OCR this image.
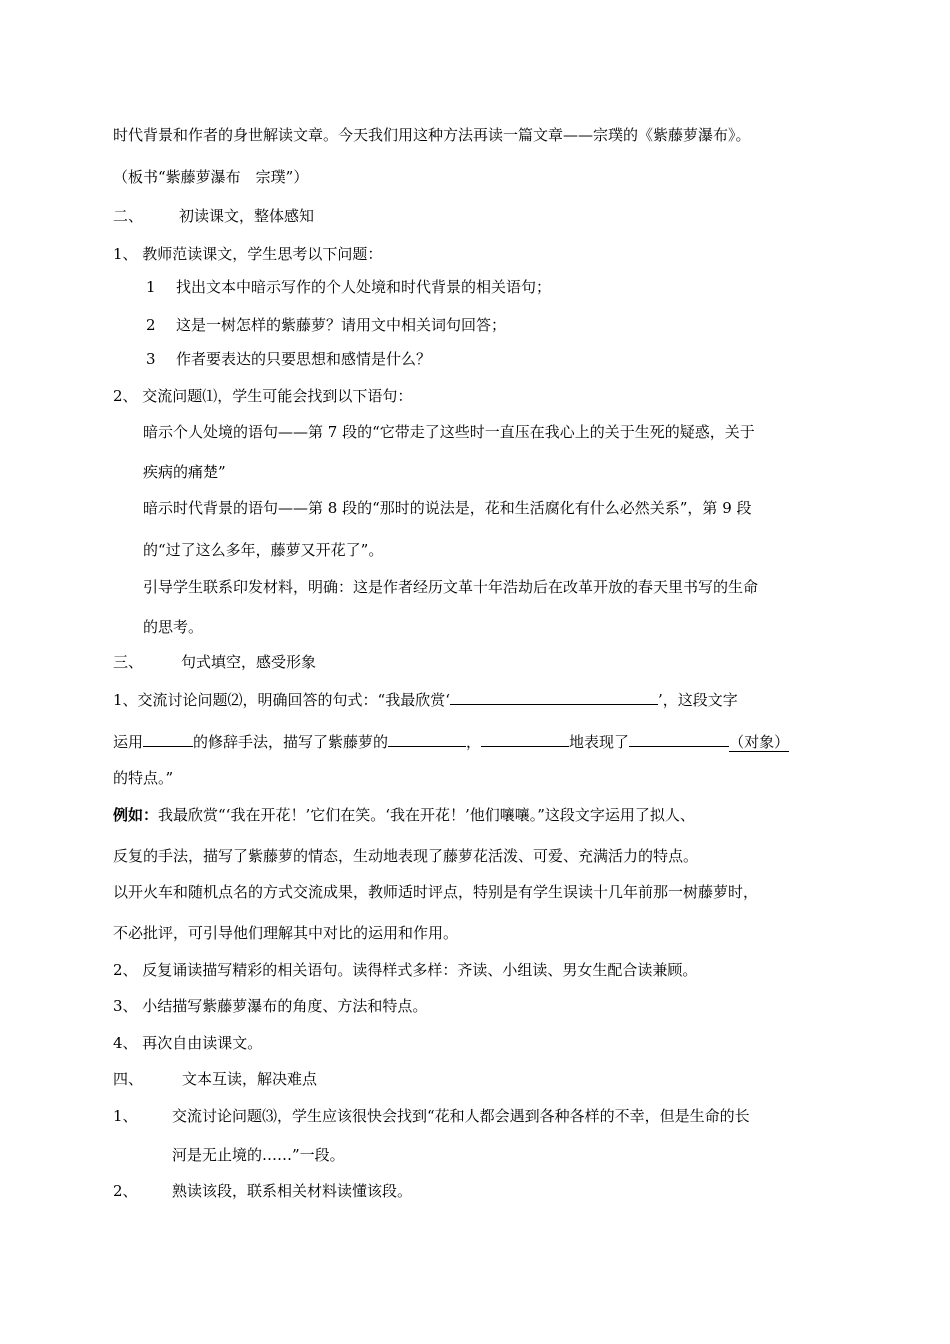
时代背景和作者的身世解读文章。今天我们用这种方法再读一篇文章——宗璞的《紫藤萝瀑布》。
（板书“紫藤萝瀑布　宗璞”）
二、 初读课文，整体感知
1、 教师范读课文，学生思考以下问题：
1 找出文本中暗示写作的个人处境和时代背景的相关语句；
2 这是一树怎样的紫藤萝？请用文中相关词句回答；
3 作者要表达的只要思想和感情是什么？
2、 交流问题⑴，学生可能会找到以下语句：
暗示个人处境的语句——第 7 段的“它带走了这些时一直压在我心上的关于生死的疑惑，关于
疾病的痛楚”
暗示时代背景的语句——第 8 段的“那时的说法是，花和生活腐化有什么必然关系”，第 9 段
的“过了这么多年，藤萝又开花了”。
引导学生联系印发材料，明确：这是作者经历文革十年浩劫后在改革开放的春天里书写的生命
的思考。
三、	句式填空，感受形象
1、交流讨论问题⑵，明确回答的句式：“我最欣赏‘	’，这段文字
运用	的修辞手法，描写了紫藤萝的	，	地表现了	（对象）
的特点。”
例如：我最欣赏“‘我在开花！’它们在笑。‘我在开花！’他们嚷嚷。”这段文字运用了拟人、
反复的手法，描写了紫藤萝的情态，生动地表现了藤萝花活泼、可爱、充满活力的特点。
以开火车和随机点名的方式交流成果，教师适时评点，特别是有学生误读十几年前那一树藤萝时，
不必批评，可引导他们理解其中对比的运用和作用。
2、 反复诵读描写精彩的相关语句。读得样式多样：齐读、小组读、男女生配合读兼顾。
3、 小结描写紫藤萝瀑布的角度、方法和特点。
4、 再次自由读课文。
四、	文本互读，解决难点
1、 交流讨论问题⑶，学生应该很快会找到“花和人都会遇到各种各样的不幸，但是生命的长
河是无止境的……”一段。
2、 熟读该段，联系相关材料读懂该段。
